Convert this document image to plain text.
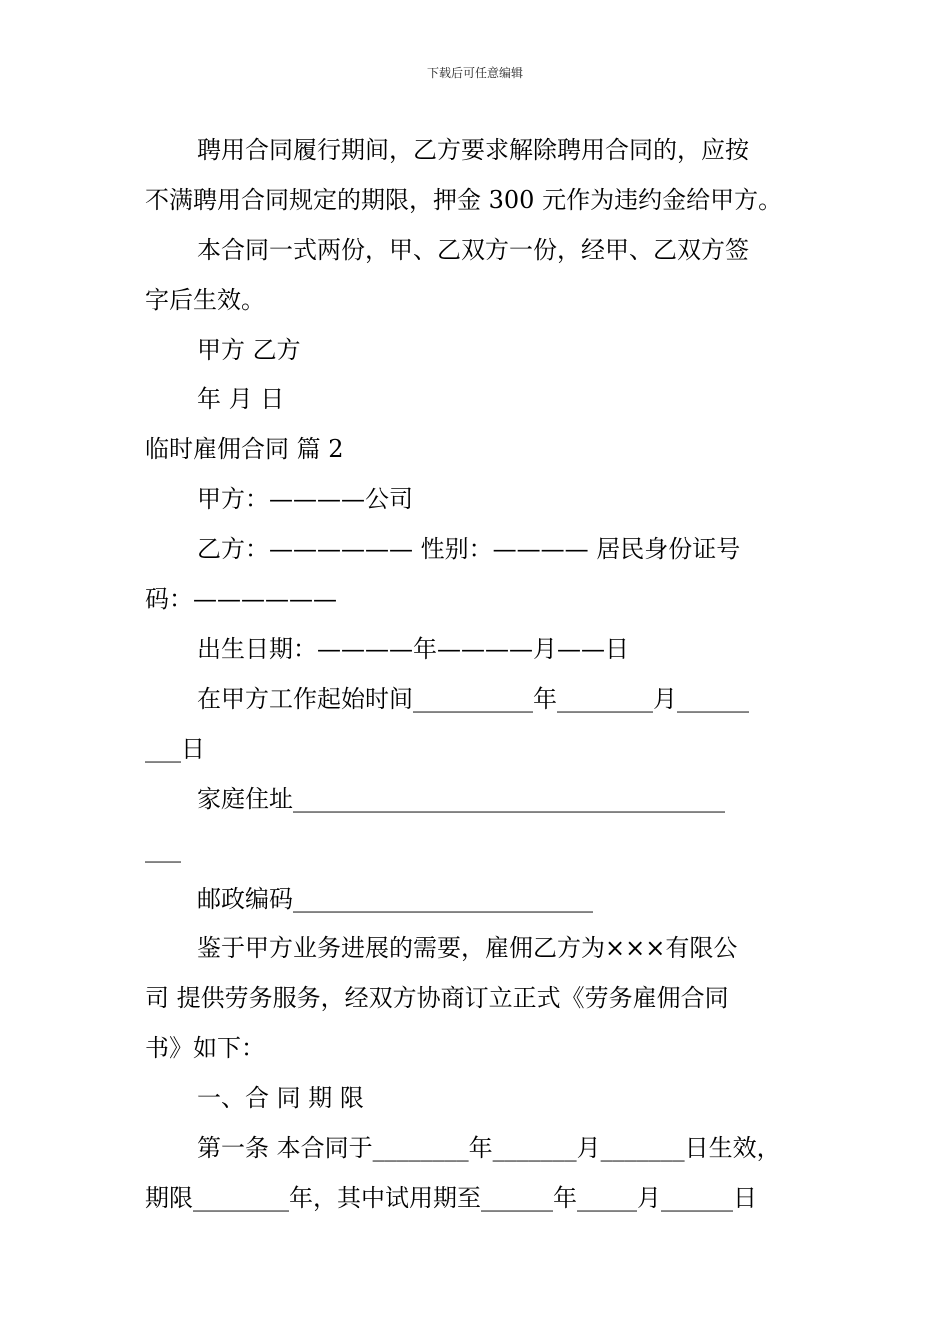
下载后可任意编辑
聘用合同履行期间，乙方要求解除聘用合同的，应按
不满聘用合同规定的期限，押金 300 元作为违约金给甲方。
本合同一式两份，甲、乙双方一份，经甲、乙双方签
字后生效。
甲方 乙方
年 月 日
临时雇佣合同 篇 2
甲方：————公司
乙方：—————— 性别：———— 居民身份证号
码：——————
出生日期：————年————月——日
在甲方工作起始时间__________年________月______
___日
家庭住址____________________________________
___
邮政编码_________________________
鉴于甲方业务进展的需要，雇佣乙方为×××有限公
司 提供劳务服务，经双方协商订立正式《劳务雇佣合同
书》如下：
一、合 同 期 限
第一条 本合同于________年_______月_______日生效，
期限________年，其中试用期至______年_____月______日
